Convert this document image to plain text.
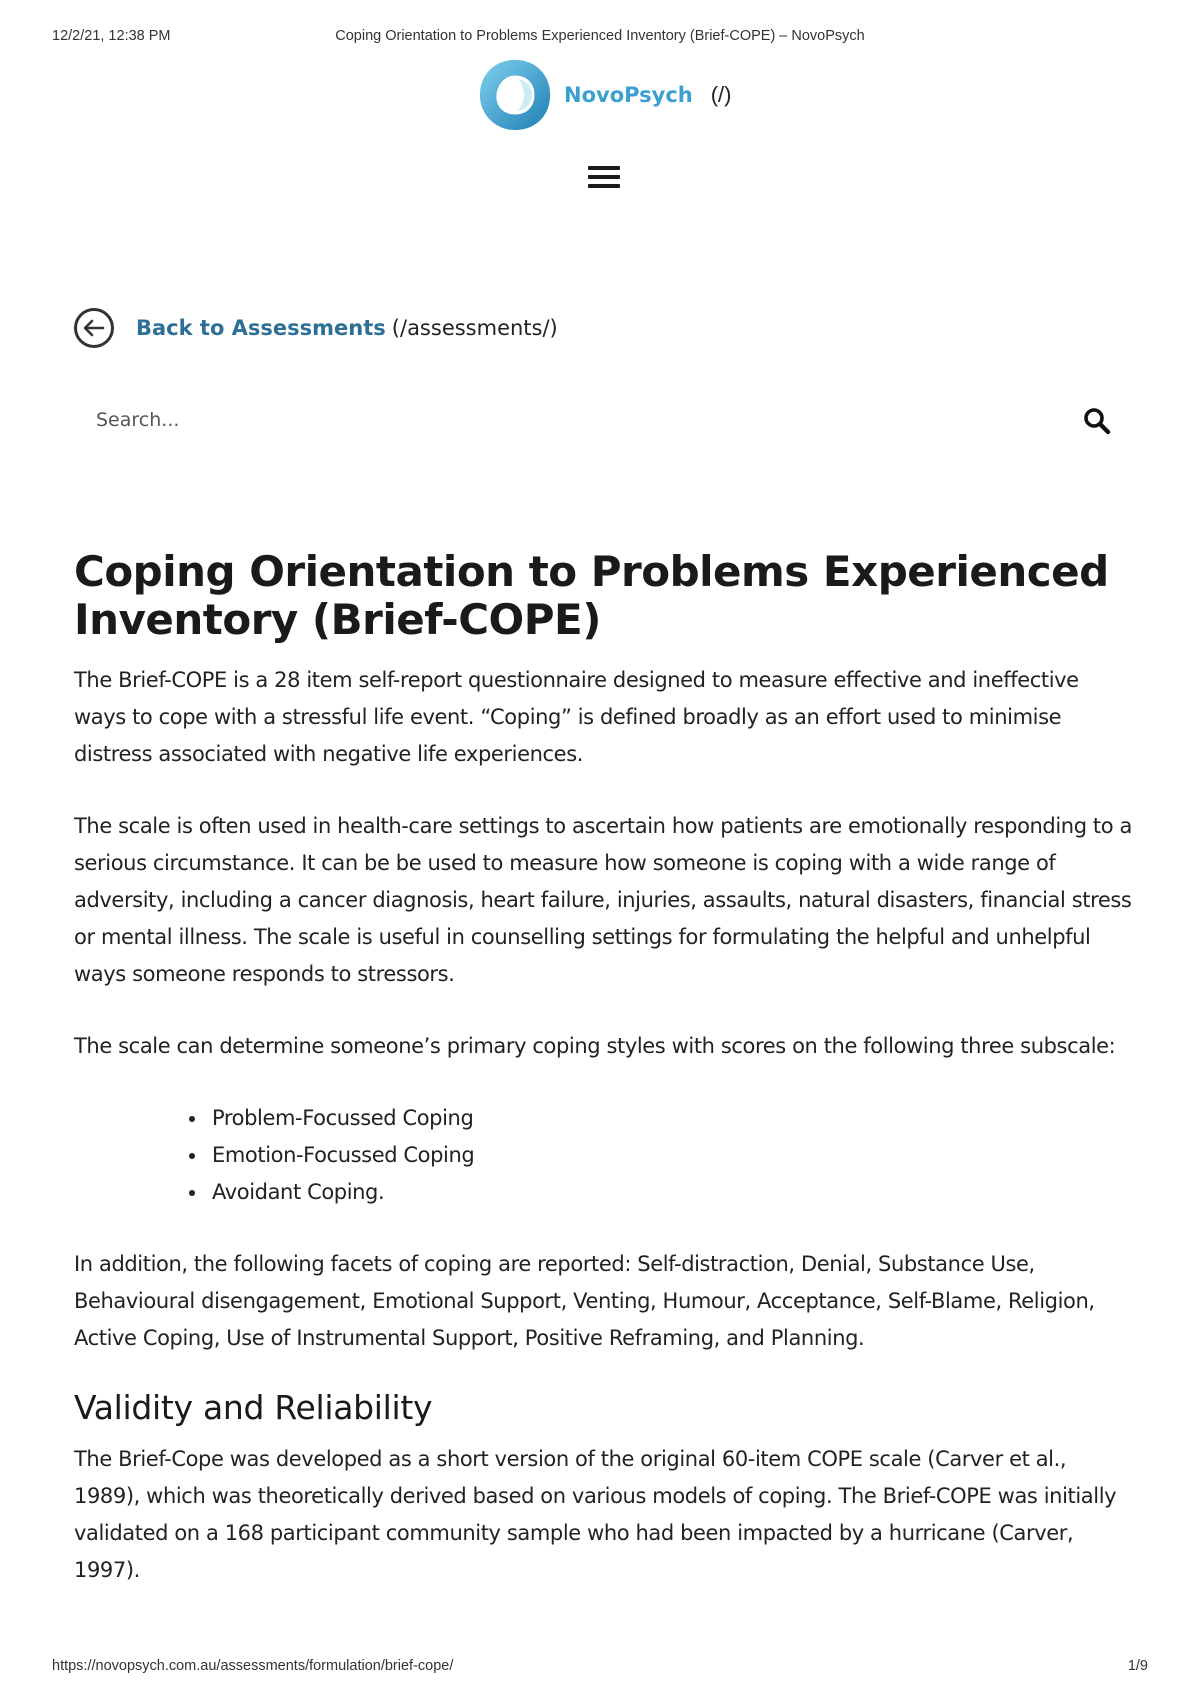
12/2/21, 12:38 PM	Coping Orientation to Problems Experienced Inventory (Brief-COPE) – NovoPsych
NovoPsych (/)
Back to Assessments (/assessments/)
Search...
Coping Orientation to Problems Experienced Inventory (Brief-COPE)

The Brief-COPE is a 28 item self-report questionnaire designed to measure effective and ineffective ways to cope with a stressful life event. “Coping” is defined broadly as an effort used to minimise distress associated with negative life experiences.

The scale is often used in health-care settings to ascertain how patients are emotionally responding to a serious circumstance. It can be be used to measure how someone is coping with a wide range of adversity, including a cancer diagnosis, heart failure, injuries, assaults, natural disasters, financial stress or mental illness. The scale is useful in counselling settings for formulating the helpful and unhelpful ways someone responds to stressors.

The scale can determine someone’s primary coping styles with scores on the following three subscale:

• Problem-Focussed Coping
• Emotion-Focussed Coping
• Avoidant Coping.

In addition, the following facets of coping are reported: Self-distraction, Denial, Substance Use, Behavioural disengagement, Emotional Support, Venting, Humour, Acceptance, Self-Blame, Religion, Active Coping, Use of Instrumental Support, Positive Reframing, and Planning.

Validity and Reliability

The Brief-Cope was developed as a short version of the original 60-item COPE scale (Carver et al., 1989), which was theoretically derived based on various models of coping. The Brief-COPE was initially validated on a 168 participant community sample who had been impacted by a hurricane (Carver, 1997).

https://novopsych.com.au/assessments/formulation/brief-cope/	1/9
